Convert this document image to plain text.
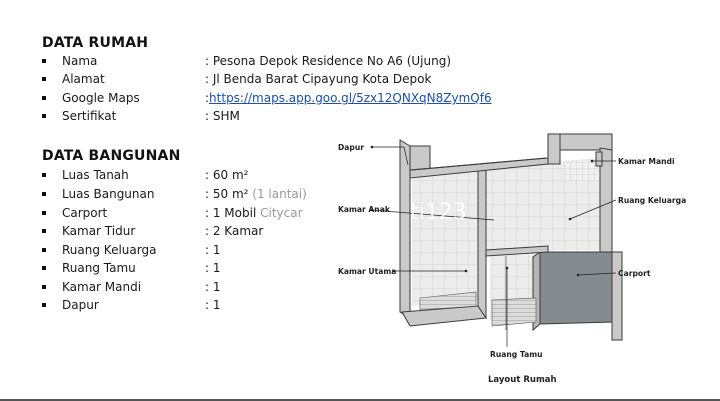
DATA RUMAH
Nama	: Pesona Depok Residence No A6 (Ujung)
Alamat	: Jl Benda Barat Cipayung Kota Depok
Google Maps	:https://maps.app.goo.gl/5zx12QNXqN8ZymQf6
Sertifikat	: SHM
DATA BANGUNAN
Luas Tanah	: 60 m²
Luas Bangunan	: 50 m² (1 lantai)
Carport	: 1 Mobil Citycar
Kamar Tidur	: 2 Kamar
Ruang Keluarga	: 1
Ruang Tamu	: 1
Kamar Mandi	: 1
Dapur	: 1
Dapur
Kamar Anak
Kamar Utama
Ruang Tamu
Kamar Mandi
Ruang Keluarga
Carport
ti123
Layout Rumah
